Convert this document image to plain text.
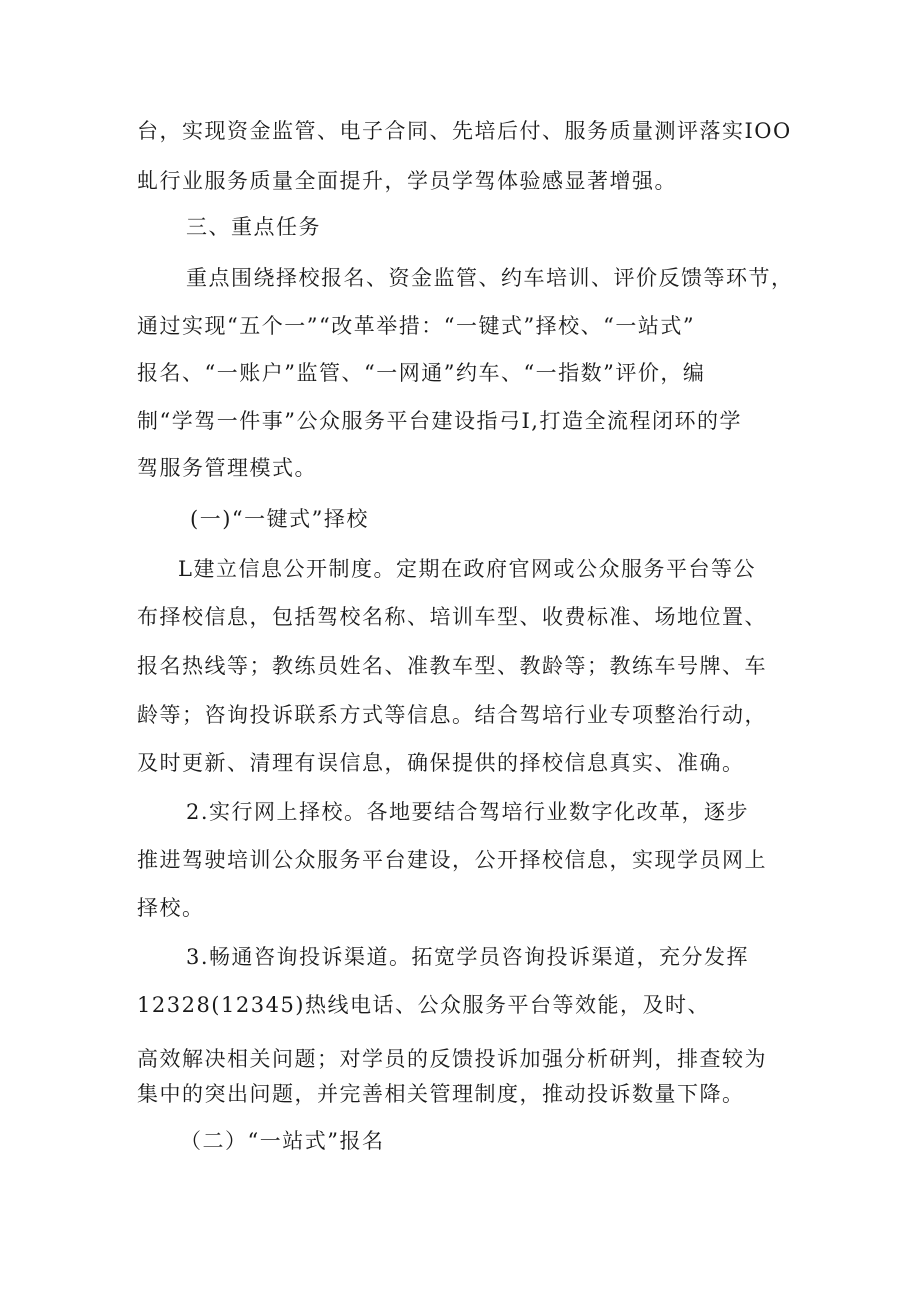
台，实现资金监管、电子合同、先培后付、服务质量测评落实IOO
虬行业服务质量全面提升，学员学驾体验感显著增强。
三、重点任务
重点围绕择校报名、资金监管、约车培训、评价反馈等环节，
通过实现“五个一”“改革举措：“一键式”择校、“一站式”
报名、“一账户”监管、“一网通”约车、“一指数”评价，编
制“学驾一件事”公众服务平台建设指弓I,打造全流程闭环的学
驾服务管理模式。
(一)“一键式”择校
L建立信息公开制度。定期在政府官网或公众服务平台等公
布择校信息，包括驾校名称、培训车型、收费标准、场地位置、
报名热线等；教练员姓名、准教车型、教龄等；教练车号牌、车
龄等；咨询投诉联系方式等信息。结合驾培行业专项整治行动，
及时更新、清理有误信息，确保提供的择校信息真实、准确。
2.实行网上择校。各地要结合驾培行业数字化改革，逐步
推进驾驶培训公众服务平台建设，公开择校信息，实现学员网上
择校。
3.畅通咨询投诉渠道。拓宽学员咨询投诉渠道，充分发挥
12328(12345)热线电话、公众服务平台等效能，及时、
高效解决相关问题；对学员的反馈投诉加强分析研判，排查较为
集中的突出问题，并完善相关管理制度，推动投诉数量下降。
（二）“一站式”报名
